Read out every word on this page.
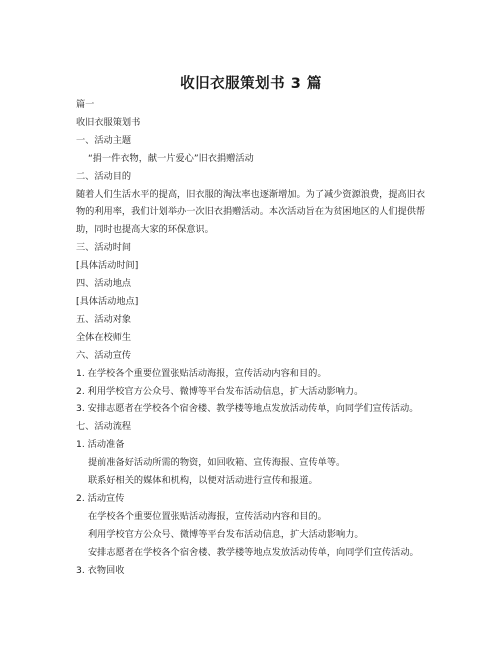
收旧衣服策划书 3 篇
篇一
收旧衣服策划书
一、活动主题
“捐一件衣物，献一片爱心”旧衣捐赠活动
二、活动目的
随着人们生活水平的提高，旧衣服的淘汰率也逐渐增加。为了减少资源浪费，提高旧衣物的利用率，我们计划举办一次旧衣捐赠活动。本次活动旨在为贫困地区的人们提供帮助，同时也提高大家的环保意识。
三、活动时间
[具体活动时间]
四、活动地点
[具体活动地点]
五、活动对象
全体在校师生
六、活动宣传
1. 在学校各个重要位置张贴活动海报，宣传活动内容和目的。
2. 利用学校官方公众号、微博等平台发布活动信息，扩大活动影响力。
3. 安排志愿者在学校各个宿舍楼、教学楼等地点发放活动传单，向同学们宣传活动。
七、活动流程
1. 活动准备
提前准备好活动所需的物资，如回收箱、宣传海报、宣传单等。
联系好相关的媒体和机构，以便对活动进行宣传和报道。
2. 活动宣传
在学校各个重要位置张贴活动海报，宣传活动内容和目的。
利用学校官方公众号、微博等平台发布活动信息，扩大活动影响力。
安排志愿者在学校各个宿舍楼、教学楼等地点发放活动传单，向同学们宣传活动。
3. 衣物回收
